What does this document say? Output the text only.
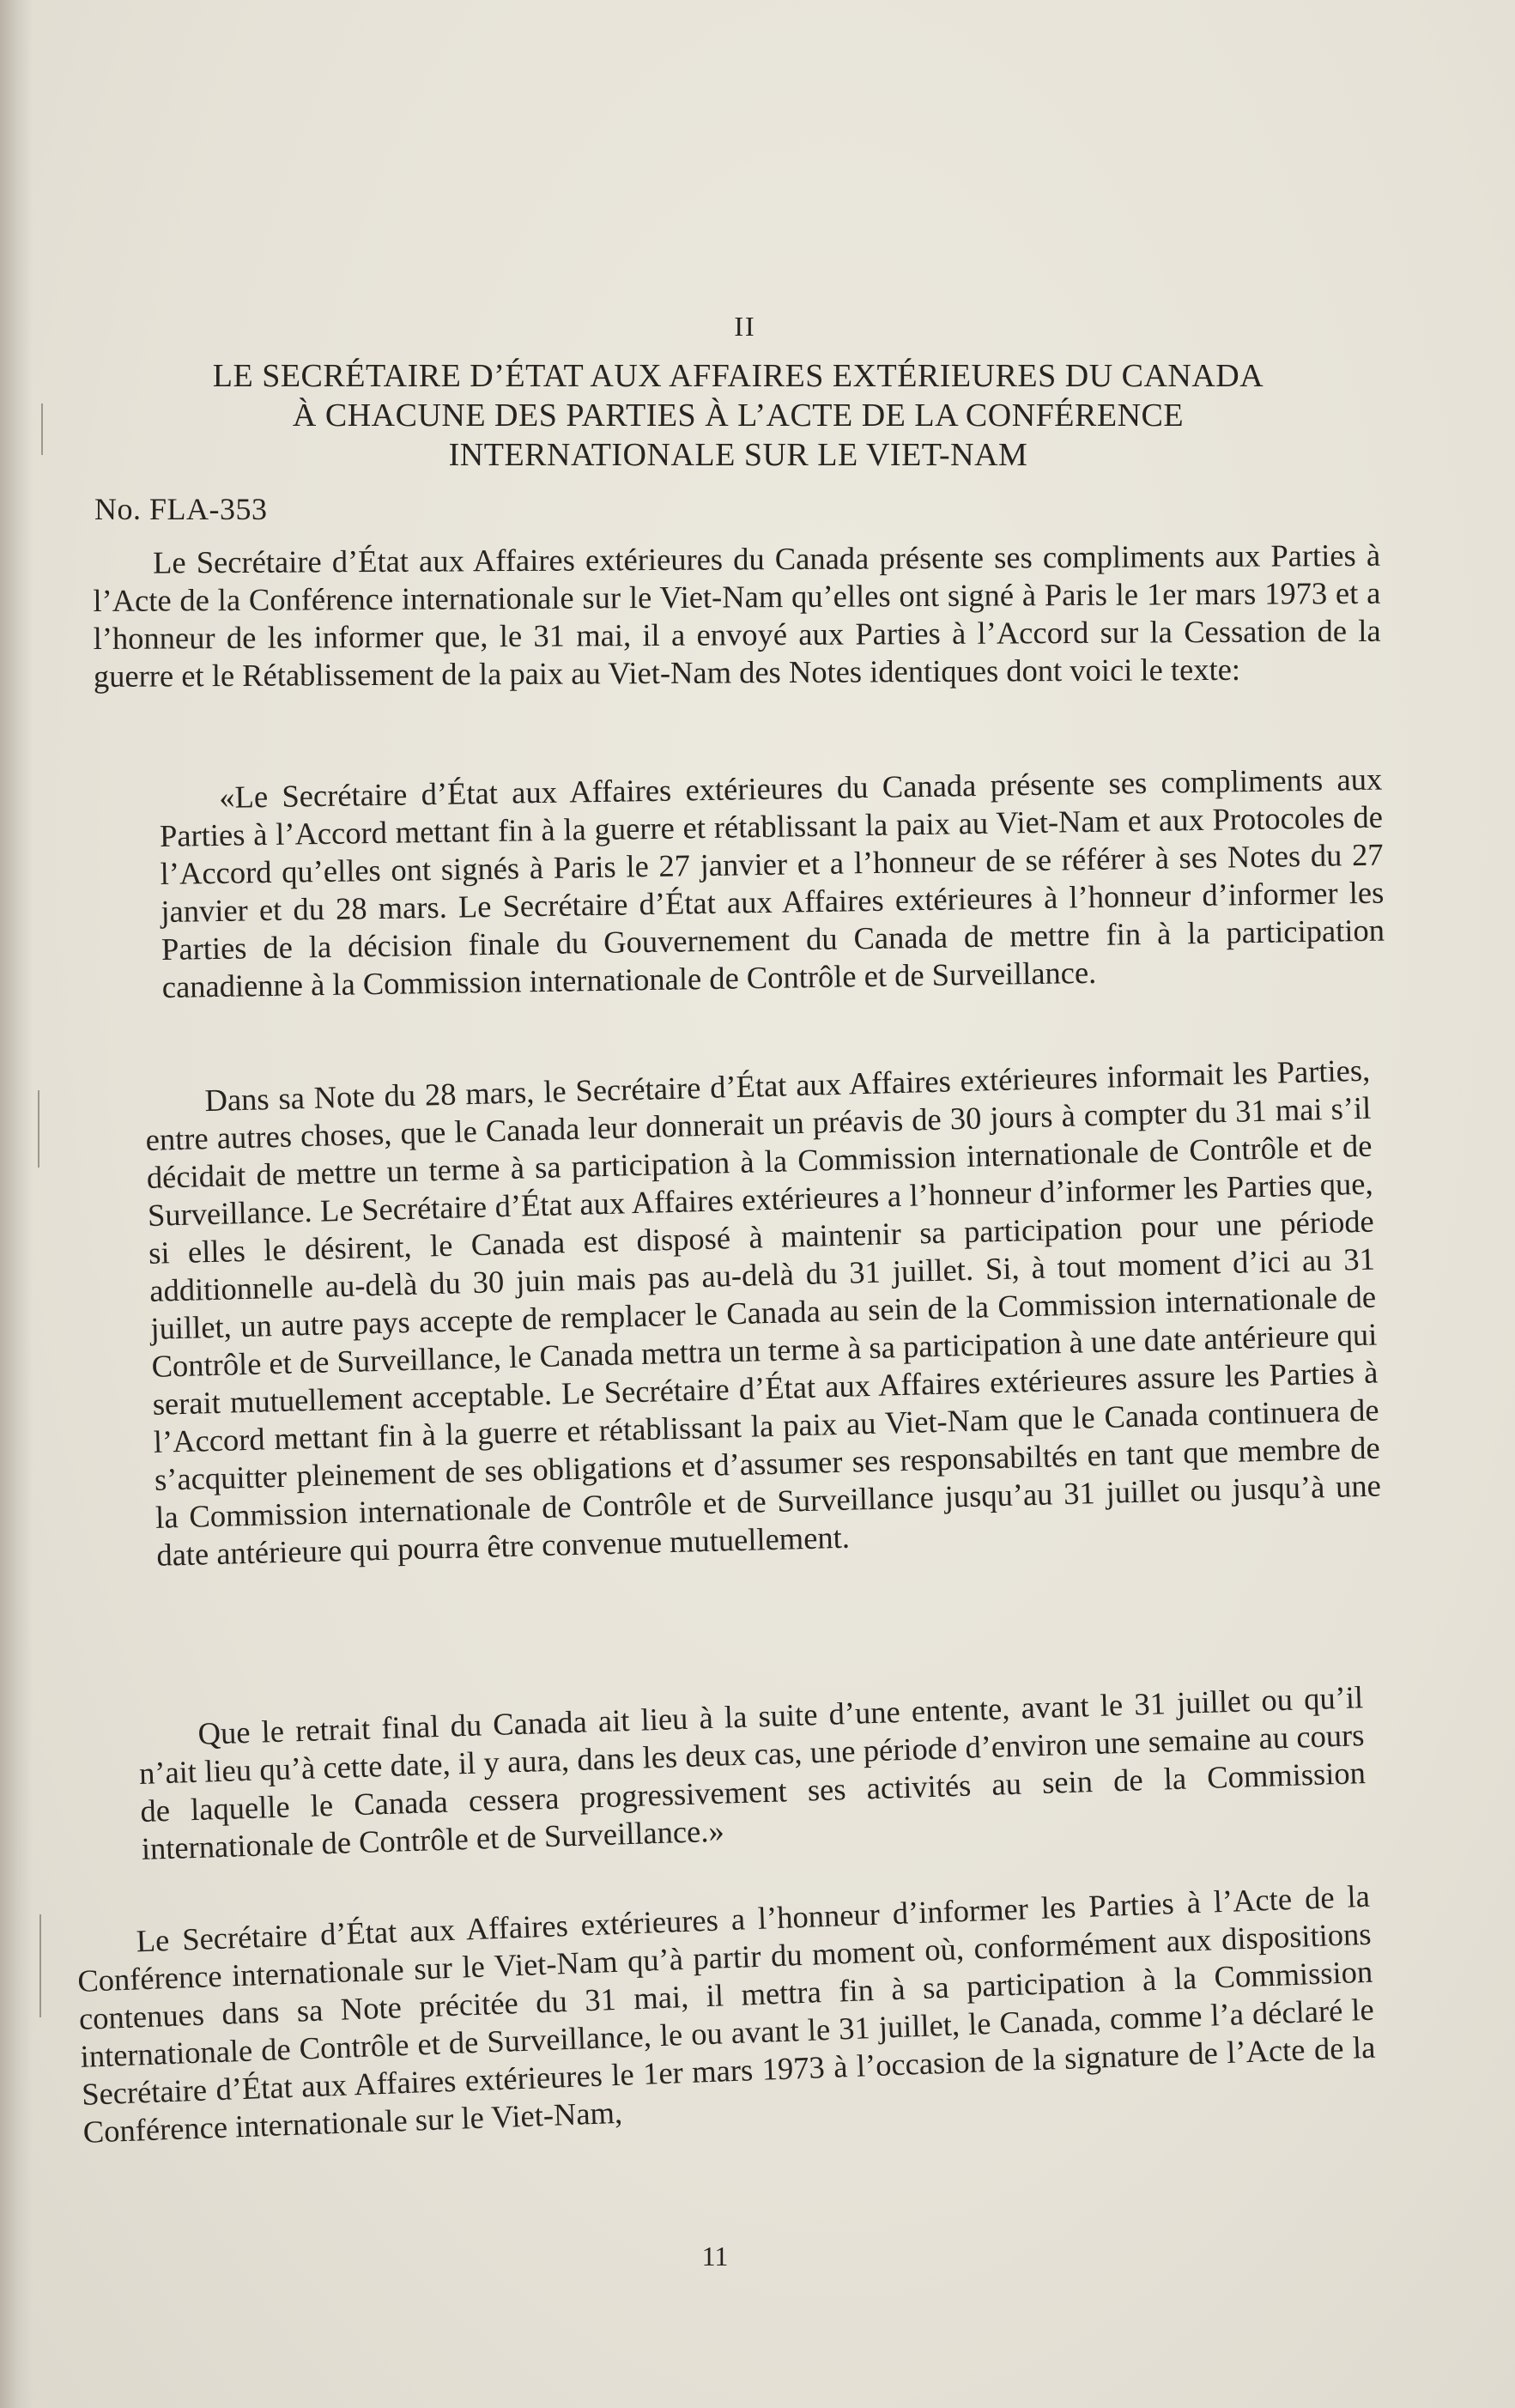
II
LE SECRÉTAIRE D’ÉTAT AUX AFFAIRES EXTÉRIEURES DU CANADA
À CHACUNE DES PARTIES À L’ACTE DE LA CONFÉRENCE
INTERNATIONALE SUR LE VIET-NAM
No. FLA-353
Le Secrétaire d’État aux Affaires extérieures du Canada présente ses compliments aux Parties à l’Acte de la Conférence internationale sur le Viet-Nam qu’elles ont signé à Paris le 1er mars 1973 et a l’honneur de les informer que, le 31 mai, il a envoyé aux Parties à l’Accord sur la Cessation de la guerre et le Rétablissement de la paix au Viet-Nam des Notes identiques dont voici le texte:
«Le Secrétaire d’État aux Affaires extérieures du Canada présente ses compliments aux Parties à l’Accord mettant fin à la guerre et rétablissant la paix au Viet-Nam et aux Protocoles de l’Accord qu’elles ont signés à Paris le 27 janvier et a l’honneur de se référer à ses Notes du 27 janvier et du 28 mars. Le Secrétaire d’État aux Affaires extérieures à l’honneur d’informer les Parties de la décision finale du Gouvernement du Canada de mettre fin à la participation canadienne à la Commission internationale de Contrôle et de Surveillance.
Dans sa Note du 28 mars, le Secrétaire d’État aux Affaires extérieures informait les Parties, entre autres choses, que le Canada leur donnerait un préavis de 30 jours à compter du 31 mai s’il décidait de mettre un terme à sa participation à la Commission internationale de Contrôle et de Surveillance. Le Secrétaire d’État aux Affaires extérieures a l’honneur d’informer les Parties que, si elles le désirent, le Canada est disposé à maintenir sa participation pour une période additionnelle au-delà du 30 juin mais pas au-delà du 31 juillet. Si, à tout moment d’ici au 31 juillet, un autre pays accepte de remplacer le Canada au sein de la Commission internationale de Contrôle et de Surveillance, le Canada mettra un terme à sa participation à une date antérieure qui serait mutuellement acceptable. Le Secrétaire d’État aux Affaires extérieures assure les Parties à l’Accord mettant fin à la guerre et rétablissant la paix au Viet-Nam que le Canada continuera de s’acquitter pleinement de ses obligations et d’assumer ses responsabiltés en tant que membre de la Commission internationale de Contrôle et de Surveillance jusqu’au 31 juillet ou jusqu’à une date antérieure qui pourra être convenue mutuellement.
Que le retrait final du Canada ait lieu à la suite d’une entente, avant le 31 juillet ou qu’il n’ait lieu qu’à cette date, il y aura, dans les deux cas, une période d’environ une semaine au cours de laquelle le Canada cessera progressivement ses activités au sein de la Commission internationale de Contrôle et de Surveillance.»
Le Secrétaire d’État aux Affaires extérieures a l’honneur d’informer les Parties à l’Acte de la Conférence internationale sur le Viet-Nam qu’à partir du moment où, conformément aux dispositions contenues dans sa Note précitée du 31 mai, il mettra fin à sa participation à la Commission internationale de Contrôle et de Surveillance, le ou avant le 31 juillet, le Canada, comme l’a déclaré le Secrétaire d’État aux Affaires extérieures le 1er mars 1973 à l’occasion de la signature de l’Acte de la Conférence internationale sur le Viet-Nam,
11
